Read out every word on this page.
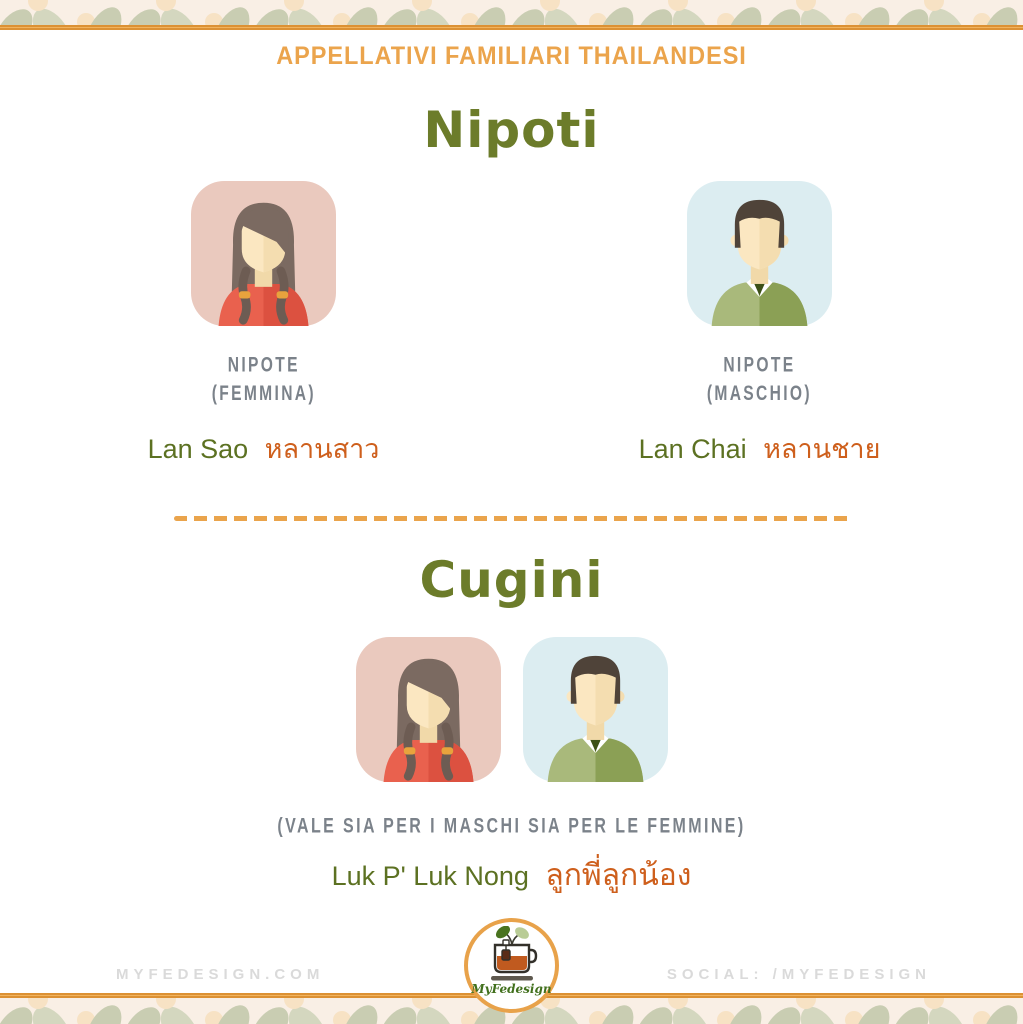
APPELLATIVI FAMILIARI THAILANDESI
Nipoti
NIPOTE
(FEMMINA)
Lan Sao หลานสาว
NIPOTE
(MASCHIO)
Lan Chai หลานชาย
Cugini
(VALE SIA PER I MASCHI SIA PER LE FEMMINE)
Luk P' Luk Nong ลูกพี่ลูกน้อง
MYFEDESIGN.COM	SOCIAL: /MYFEDESIGN
MyFedesign
